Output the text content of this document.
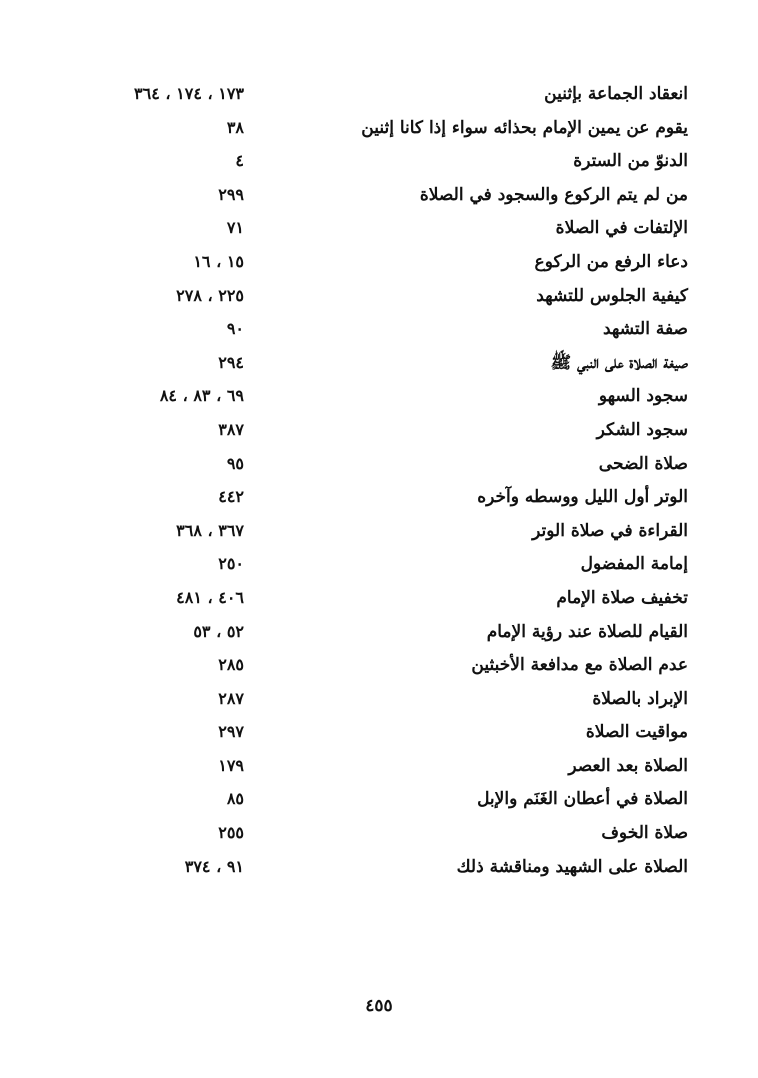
انعقاد الجماعة بإثنين
١٧٣ ، ١٧٤ ، ٣٦٤
يقوم عن يمين الإمام بحذائه سواء إذا كانا إثنين
٣٨
الدنوّ من السترة
٤
من لم يتم الركوع والسجود في الصلاة
٢٩٩
الإلتفات في الصلاة
٧١
دعاء الرفع من الركوع
١٥ ، ١٦
كيفية الجلوس للتشهد
٢٢٥ ، ٢٧٨
صفة التشهد
٩٠
صيغة الصلاة على النبي ﷺ
٢٩٤
سجود السهو
٦٩ ، ٨٣ ، ٨٤
سجود الشكر
٣٨٧
صلاة الضحى
٩٥
الوتر أول الليل ووسطه وآخره
٤٤٢
القراءة في صلاة الوتر
٣٦٧ ، ٣٦٨
إمامة المفضول
٢٥٠
تخفيف صلاة الإمام
٤٠٦ ، ٤٨١
القيام للصلاة عند رؤية الإمام
٥٢ ، ٥٣
عدم الصلاة مع مدافعة الأخبثين
٢٨٥
الإبراد بالصلاة
٢٨٧
مواقيت الصلاة
٢٩٧
الصلاة بعد العصر
١٧٩
الصلاة في أعطان الغَنَم والإبل
٨٥
صلاة الخوف
٢٥٥
الصلاة على الشهيد ومناقشة ذلك
٩١ ، ٣٧٤
٤٥٥
